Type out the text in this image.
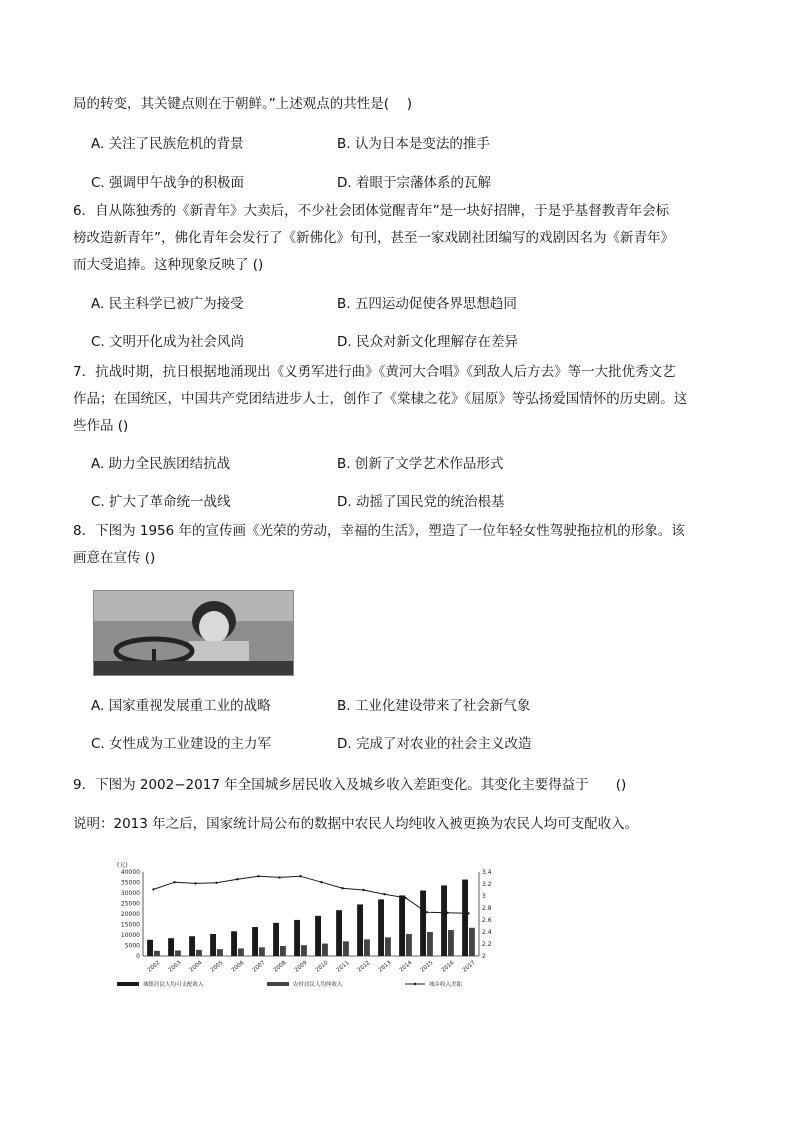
局的转变，其关键点则在于朝鲜。”上述观点的共性是(　 )
A. 关注了民族危机的背景	B. 认为日本是变法的推手
C. 强调甲午战争的积极面	D. 着眼于宗藩体系的瓦解
6．自从陈独秀的《新青年》大卖后，不少社会团体觉醒青年”是一块好招牌，于是乎基督教青年会标
榜改造新青年”，佛化青年会发行了《新佛化》旬刊，甚至一家戏剧社团编写的戏剧因名为《新青年》
而大受追捧。这种现象反映了 ()
A. 民主科学已被广为接受	B. 五四运动促使各界思想趋同
C. 文明开化成为社会风尚	D. 民众对新文化理解存在差异
7．抗战时期，抗日根据地涌现出《义勇军进行曲》《黄河大合唱》《到敌人后方去》等一大批优秀文艺
作品；在国统区，中国共产党团结进步人士，创作了《棠棣之花》《屈原》等弘扬爱国情怀的历史剧。这
些作品 ()
A. 助力全民族团结抗战	B. 创新了文学艺术作品形式
C. 扩大了革命统一战线	D. 动摇了国民党的统治根基
8．下图为 1956 年的宣传画《光荣的劳动，幸福的生活》，塑造了一位年轻女性驾驶拖拉机的形象。该
画意在宣传 ()
A. 国家重视发展重工业的战略	B. 工业化建设带来了社会新气象
C. 女性成为工业建设的主力军	D. 完成了对农业的社会主义改造
9．下图为 2002−2017 年全国城乡居民收入及城乡收入差距变化。其变化主要得益于　　()
说明：2013 年之后，国家统计局公布的数据中农民人均纯收入被更换为农民人均可支配收入。
(元)
40000
35000
30000
25000
20000
15000
10000
5000
0
3.4
3.2
3
2.8
2.6
2.4
2.2
2
2002 2003 2004 2005 2006 2007 2008 2009 2010 2011 2012 2013 2014 2015 2016 2017
城镇居民人均可支配收入	农村居民人均纯收入	城乡收入差距
